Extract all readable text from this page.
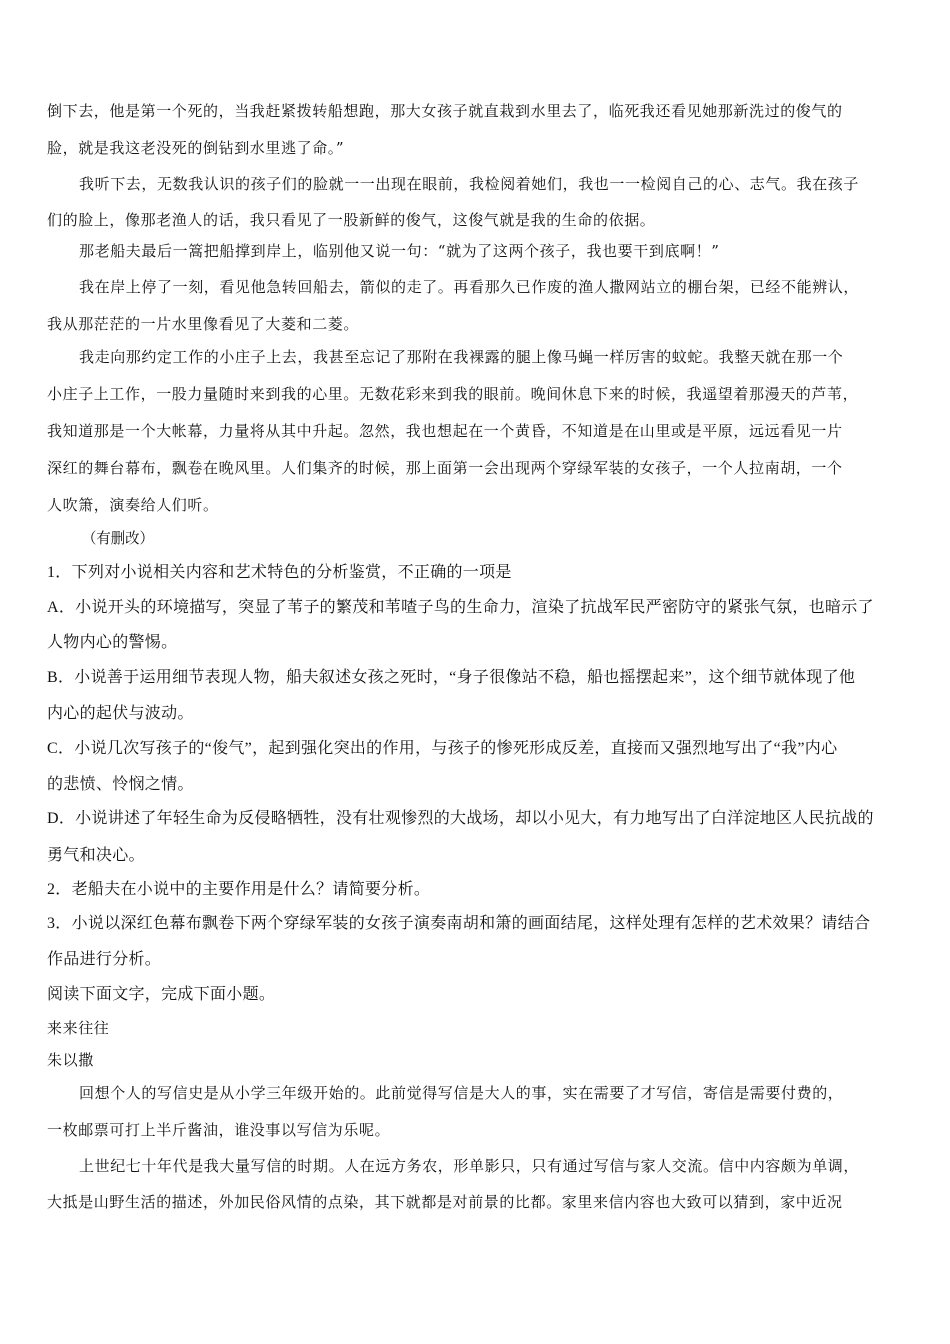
倒下去，他是第一个死的，当我赶紧拨转船想跑，那大女孩子就直栽到水里去了，临死我还看见她那新洗过的俊气的
脸，就是我这老没死的倒钻到水里逃了命。”
我听下去，无数我认识的孩子们的脸就一一出现在眼前，我检阅着她们，我也一一检阅自己的心、志气。我在孩子
们的脸上，像那老渔人的话，我只看见了一股新鲜的俊气，这俊气就是我的生命的依据。
那老船夫最后一篙把船撑到岸上，临别他又说一句：“就为了这两个孩子，我也要干到底啊！”
我在岸上停了一刻，看见他急转回船去，箭似的走了。再看那久已作废的渔人撒网站立的棚台架，已经不能辨认，
我从那茫茫的一片水里像看见了大菱和二菱。
我走向那约定工作的小庄子上去，我甚至忘记了那附在我裸露的腿上像马蝇一样厉害的蚊蛇。我整天就在那一个
小庄子上工作，一股力量随时来到我的心里。无数花彩来到我的眼前。晚间休息下来的时候，我遥望着那漫天的芦苇，
我知道那是一个大帐幕，力量将从其中升起。忽然，我也想起在一个黄昏，不知道是在山里或是平原，远远看见一片
深红的舞台幕布，飘卷在晚风里。人们集齐的时候，那上面第一会出现两个穿绿军装的女孩子，一个人拉南胡，一个
人吹箫，演奏给人们听。
（有删改）
1．下列对小说相关内容和艺术特色的分析鉴赏，不正确的一项是
A．小说开头的环境描写，突显了苇子的繁茂和苇喳子鸟的生命力，渲染了抗战军民严密防守的紧张气氛，也暗示了
人物内心的警惕。
B．小说善于运用细节表现人物，船夫叙述女孩之死时，“身子很像站不稳，船也摇摆起来”，这个细节就体现了他
内心的起伏与波动。
C．小说几次写孩子的“俊气”，起到强化突出的作用，与孩子的惨死形成反差，直接而又强烈地写出了“我”内心
的悲愤、怜悯之情。
D．小说讲述了年轻生命为反侵略牺牲，没有壮观惨烈的大战场，却以小见大，有力地写出了白洋淀地区人民抗战的
勇气和决心。
2．老船夫在小说中的主要作用是什么？请简要分析。
3．小说以深红色幕布飘卷下两个穿绿军装的女孩子演奏南胡和箫的画面结尾，这样处理有怎样的艺术效果？请结合
作品进行分析。
阅读下面文字，完成下面小题。
来来往往
朱以撒
回想个人的写信史是从小学三年级开始的。此前觉得写信是大人的事，实在需要了才写信，寄信是需要付费的，
一枚邮票可打上半斤酱油，谁没事以写信为乐呢。
上世纪七十年代是我大量写信的时期。人在远方务农，形单影只，只有通过写信与家人交流。信中内容颇为单调，
大抵是山野生活的描述，外加民俗风情的点染，其下就都是对前景的比都。家里来信内容也大致可以猜到，家中近况
